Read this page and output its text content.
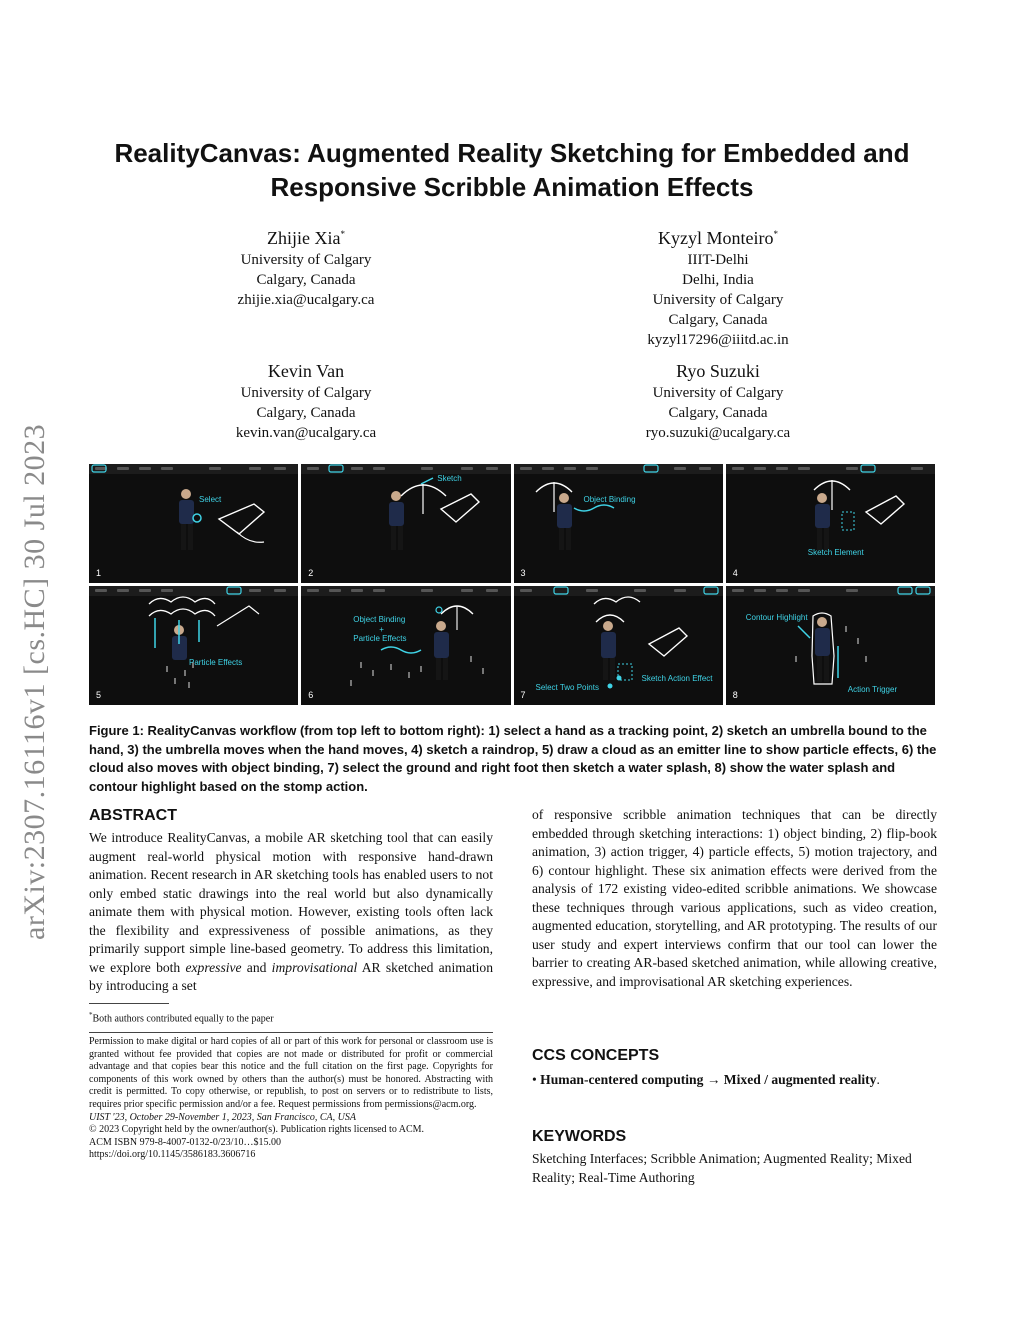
arXiv:2307.16116v1 [cs.HC] 30 Jul 2023
RealityCanvas: Augmented Reality Sketching for Embedded and Responsive Scribble Animation Effects
Zhijie Xia*
University of Calgary
Calgary, Canada
zhijie.xia@ucalgary.ca
Kyzyl Monteiro*
IIIT-Delhi
Delhi, India
University of Calgary
Calgary, Canada
kyzyl17296@iiitd.ac.in
Kevin Van
University of Calgary
Calgary, Canada
kevin.van@ucalgary.ca
Ryo Suzuki
University of Calgary
Calgary, Canada
ryo.suzuki@ucalgary.ca
Select
1
Sketch
2
Object Binding
3
Sketch Element
4
Particle Effects
5
Object Binding
+
Particle Effects
6
Select Two Points
Sketch Action Effect
7
Contour Highlight
Action Trigger
8

Figure 1: RealityCanvas workflow (from top left to bottom right): 1) select a hand as a tracking point, 2) sketch an umbrella bound to the hand, 3) the umbrella moves when the hand moves, 4) sketch a raindrop, 5) draw a cloud as an emitter line to show particle effects, 6) the cloud also moves with object binding, 7) select the ground and right foot then sketch a water splash, 8) show the water splash and contour highlight based on the stomp action.

ABSTRACT

We introduce RealityCanvas, a mobile AR sketching tool that can easily augment real-world physical motion with responsive hand-drawn animation. Recent research in AR sketching tools has enabled users to not only embed static drawings into the real world but also dynamically animate them with physical motion. However, existing tools often lack the flexibility and expressiveness of possible animations, as they primarily support simple line-based geometry. To address this limitation, we explore both expressive and improvisational AR sketched animation by introducing a set

*Both authors contributed equally to the paper
Permission to make digital or hard copies of all or part of this work for personal or classroom use is granted without fee provided that copies are not made or distributed for profit or commercial advantage and that copies bear this notice and the full citation on the first page. Copyrights for components of this work owned by others than the author(s) must be honored. Abstracting with credit is permitted. To copy otherwise, or republish, to post on servers or to redistribute to lists, requires prior specific permission and/or a fee. Request permissions from permissions@acm.org.
UIST '23, October 29-November 1, 2023, San Francisco, CA, USA
© 2023 Copyright held by the owner/author(s). Publication rights licensed to ACM.
ACM ISBN 979-8-4007-0132-0/23/10…$15.00
https://doi.org/10.1145/3586183.3606716

of responsive scribble animation techniques that can be directly embedded through sketching interactions: 1) object binding, 2) flip-book animation, 3) action trigger, 4) particle effects, 5) motion trajectory, and 6) contour highlight. These six animation effects were derived from the analysis of 172 existing video-edited scribble animations. We showcase these techniques through various applications, such as video creation, augmented education, storytelling, and AR prototyping. The results of our user study and expert interviews confirm that our tool can lower the barrier to creating AR-based sketched animation, while allowing creative, expressive, and improvisational AR sketching experiences.

CCS CONCEPTS

• Human-centered computing → Mixed / augmented reality.

KEYWORDS

Sketching Interfaces; Scribble Animation; Augmented Reality; Mixed Reality; Real-Time Authoring
